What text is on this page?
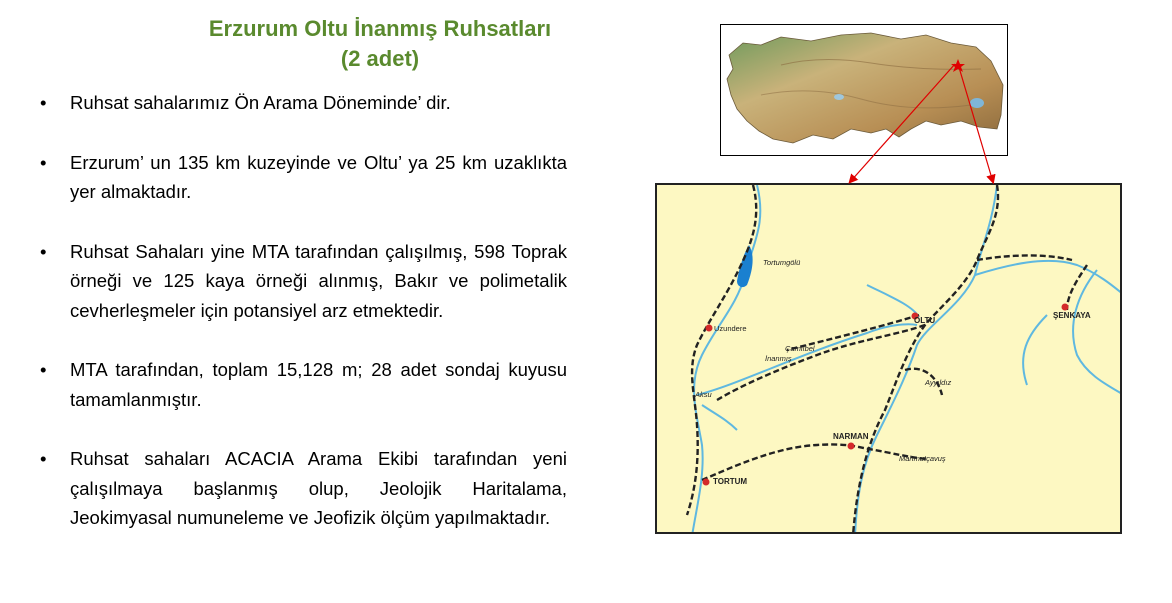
Erzurum Oltu İnanmış Ruhsatları
(2 adet)
• Ruhsat sahalarımız Ön Arama Döneminde’ dir.
• Erzurum’ un 135 km kuzeyinde ve Oltu’ ya 25 km uzaklıkta yer almaktadır.
• Ruhsat Sahaları yine MTA tarafından çalışılmış, 598 Toprak örneği ve 125 kaya örneği alınmış, Bakır ve polimetalik cevherleşmeler için potansiyel arz etmektedir.
• MTA tarafından, toplam 15,128 m; 28 adet sondaj kuyusu tamamlanmıştır.
• Ruhsat sahaları ACACIA Arama Ekibi tarafından yeni çalışılmaya başlanmış olup, Jeolojik Haritalama, Jeokimyasal numuneleme ve Jeofizik ölçüm yapılmaktadır.
Tortumgölü
Uzundere
Çamlıbel
İnanmış
Aksu
OLTU
ŞENKAYA
Ayyıldız
NARMAN
Mahmutçavuş
TORTUM
